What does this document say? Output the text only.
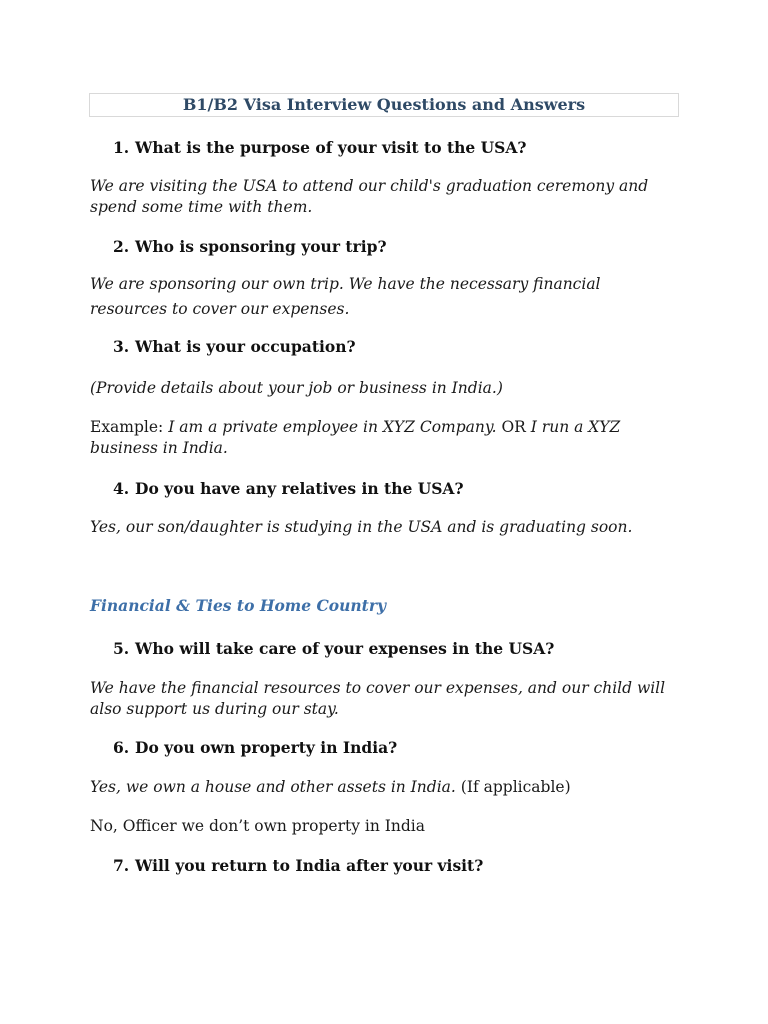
B1/B2 Visa Interview Questions and Answers
1. What is the purpose of your visit to the USA?
We are visiting the USA to attend our child's graduation ceremony and spend some time with them.
2. Who is sponsoring your trip?
We are sponsoring our own trip. We have the necessary financial resources to cover our expenses.
3. What is your occupation?
(Provide details about your job or business in India.)
Example: I am a private employee in XYZ Company. OR I run a XYZ business in India.
4. Do you have any relatives in the USA?
Yes, our son/daughter is studying in the USA and is graduating soon.
Financial & Ties to Home Country
5. Who will take care of your expenses in the USA?
We have the financial resources to cover our expenses, and our child will also support us during our stay.
6. Do you own property in India?
Yes, we own a house and other assets in India. (If applicable)
No, Officer we don’t own property in India
7. Will you return to India after your visit?
